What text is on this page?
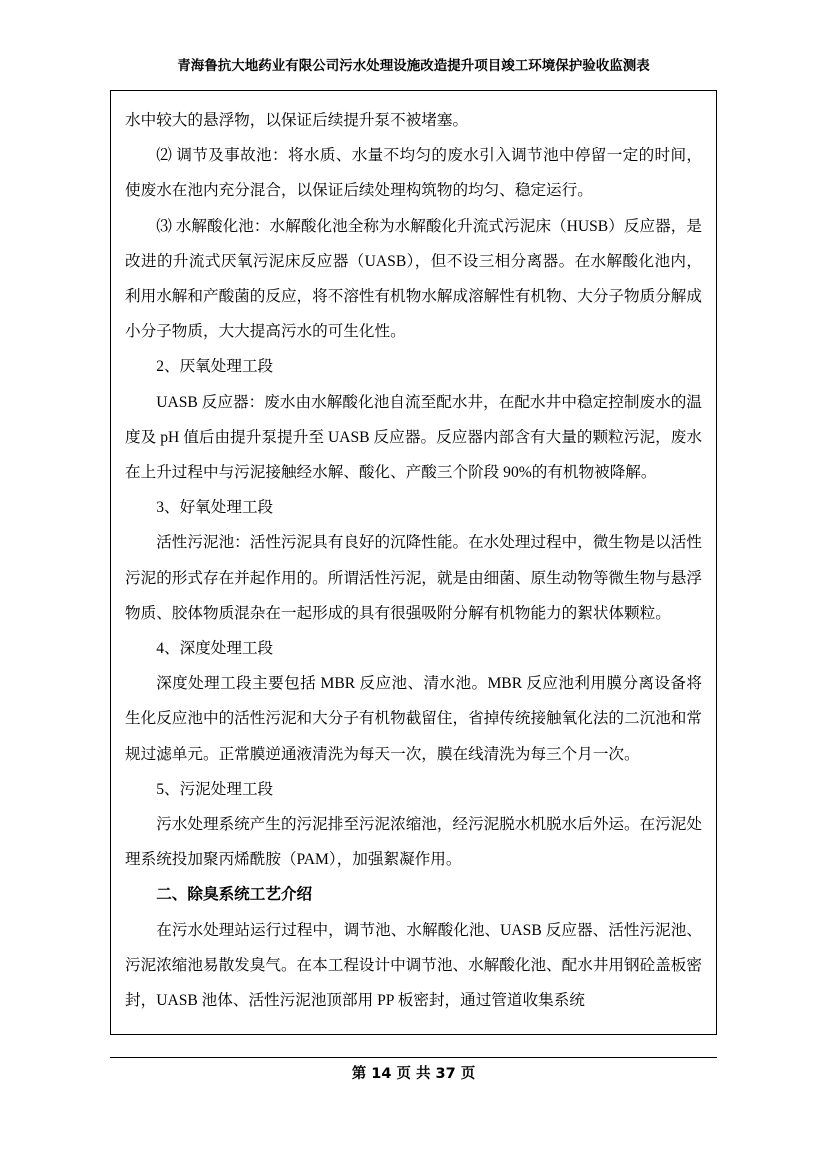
青海鲁抗大地药业有限公司污水处理设施改造提升项目竣工环境保护验收监测表

水中较大的悬浮物，以保证后续提升泵不被堵塞。

⑵ 调节及事故池：将水质、水量不均匀的废水引入调节池中停留一定的时间，使废水在池内充分混合，以保证后续处理构筑物的均匀、稳定运行。

⑶ 水解酸化池：水解酸化池全称为水解酸化升流式污泥床（HUSB）反应器，是改进的升流式厌氧污泥床反应器（UASB），但不设三相分离器。在水解酸化池内，利用水解和产酸菌的反应，将不溶性有机物水解成溶解性有机物、大分子物质分解成小分子物质，大大提高污水的可生化性。

2、厌氧处理工段

UASB 反应器：废水由水解酸化池自流至配水井，在配水井中稳定控制废水的温度及 pH 值后由提升泵提升至 UASB 反应器。反应器内部含有大量的颗粒污泥，废水在上升过程中与污泥接触经水解、酸化、产酸三个阶段 90%的有机物被降解。

3、好氧处理工段

活性污泥池：活性污泥具有良好的沉降性能。在水处理过程中，微生物是以活性污泥的形式存在并起作用的。所谓活性污泥，就是由细菌、原生动物等微生物与悬浮物质、胶体物质混杂在一起形成的具有很强吸附分解有机物能力的絮状体颗粒。

4、深度处理工段

深度处理工段主要包括 MBR 反应池、清水池。MBR 反应池利用膜分离设备将生化反应池中的活性污泥和大分子有机物截留住，省掉传统接触氧化法的二沉池和常规过滤单元。正常膜逆通液清洗为每天一次，膜在线清洗为每三个月一次。

5、污泥处理工段

污水处理系统产生的污泥排至污泥浓缩池，经污泥脱水机脱水后外运。在污泥处理系统投加聚丙烯酰胺（PAM），加强絮凝作用。

二、除臭系统工艺介绍

在污水处理站运行过程中，调节池、水解酸化池、UASB 反应器、活性污泥池、污泥浓缩池易散发臭气。在本工程设计中调节池、水解酸化池、配水井用钢砼盖板密封，UASB 池体、活性污泥池顶部用 PP 板密封，通过管道收集系统

第 14 页 共 37 页
